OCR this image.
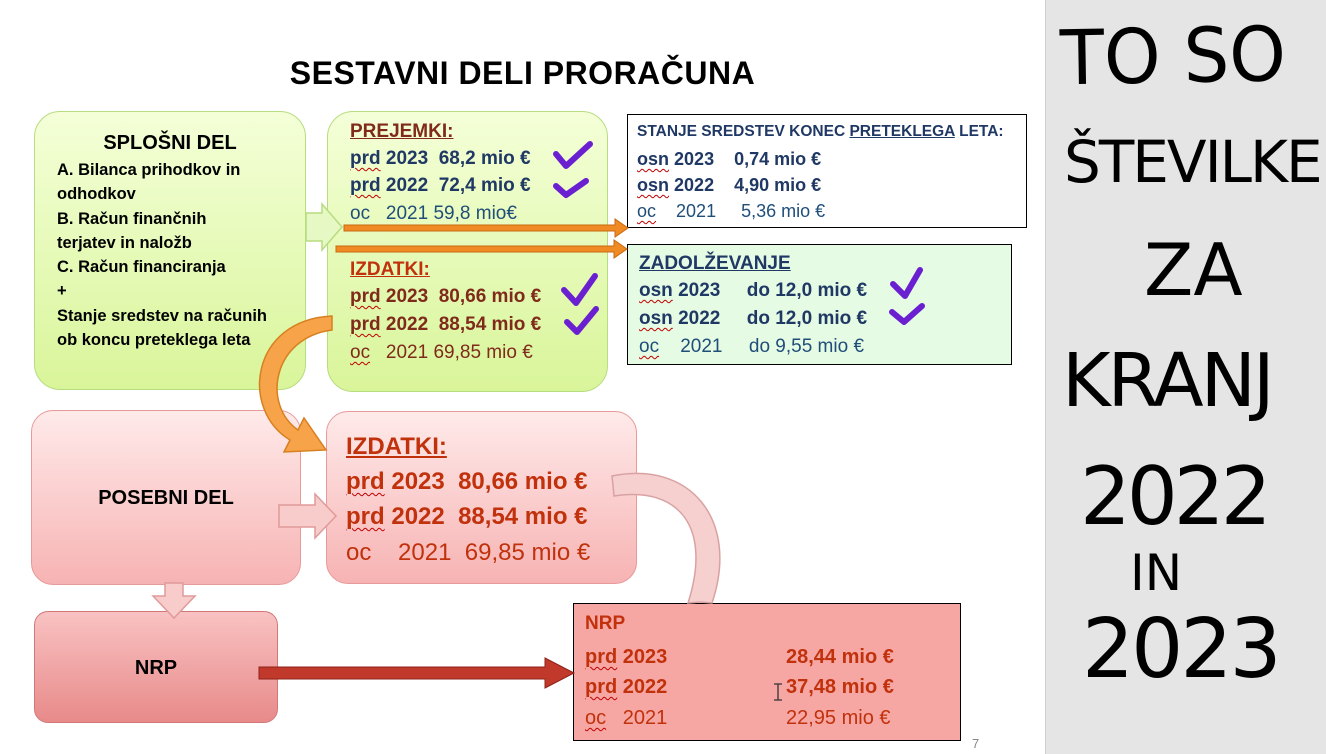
SESTAVNI DELI PRORAČUNA
SPLOŠNI DEL
A. Bilanca prihodkov in
odhodkov
B. Račun finančnih
terjatev in naložb
C. Račun financiranja
+
Stanje sredstev na računih
ob koncu preteklega leta
PREJEMKI:
prd 2023 68,2 mio €
prd 2022 72,4 mio €
oc 2021 59,8 mio€
IZDATKI:
prd 2023 80,66 mio €
prd 2022 88,54 mio €
oc 2021 69,85 mio €
STANJE SREDSTEV KONEC PRETEKLEGA LETA:
osn 2023 0,74 mio €
osn 2022 4,90 mio €
oc 2021 5,36 mio €
ZADOLŽEVANJE
osn 2023 do 12,0 mio €
osn 2022 do 12,0 mio €
oc 2021 do 9,55 mio €
POSEBNI DEL
IZDATKI:
prd 2023 80,66 mio €
prd 2022 88,54 mio €
oc 2021 69,85 mio €
NRP
NRP
prd 2023	28,44 mio €
prd 2022	37,48 mio €
oc 2021	22,95 mio €
7
TO SO
ŠTEVILKE
ZA
KRANJ
2022
IN
2023
